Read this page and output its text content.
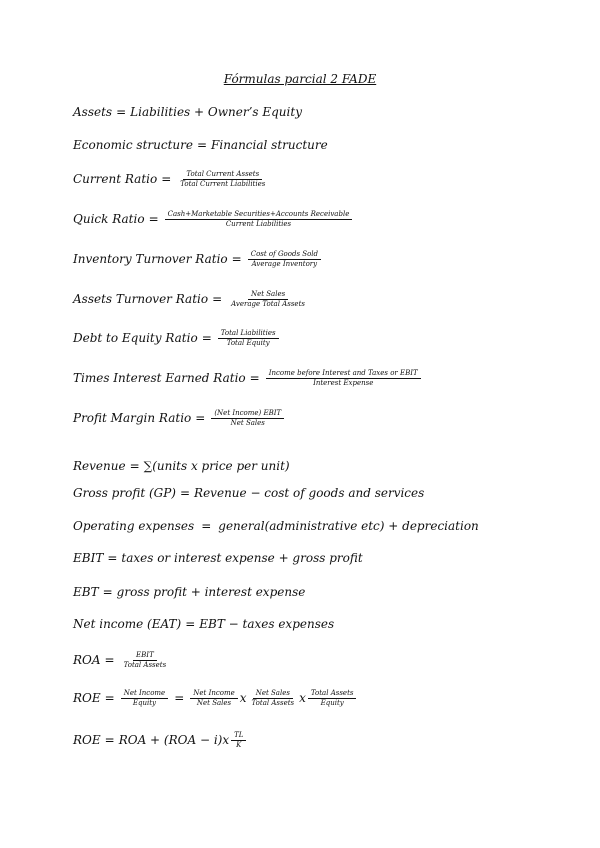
Fórmulas parcial 2 FADE
Assets = Liabilities + Owner’s Equity
Economic structure = Financial structure
Current Ratio = $\frac{\text{Total Current Assets}}{\text{Total Current Liabilities}}$
Quick Ratio = $\frac{\text{Cash+Marketable Securities+Accounts Receivable}}{\text{Current Liabilities}}$
Inventory Turnover Ratio = $\frac{\text{Cost of Goods Sold}}{\text{Average Inventory}}$
Assets Turnover Ratio = $\frac{\text{Net Sales}}{\text{Average Total Assets}}$
Debt to Equity Ratio = $\frac{\text{Total Liabilities}}{\text{Total Equity}}$
Times Interest Earned Ratio = $\frac{\text{Income before Interest and Taxes or EBIT}}{\text{Interest Expense}}$
Profit Margin Ratio = $\frac{\text{(Net Income) EBIT}}{\text{Net Sales}}$
Revenue = ∑(units x price per unit)
Gross profit (GP) = Revenue − cost of goods and services
Operating expenses = general(administrative etc) + depreciation
EBIT = taxes or interest expense + gross profit
EBT = gross profit + interest expense
Net income (EAT) = EBT − taxes expenses
ROA = $\frac{\text{EBIT}}{\text{Total Assets}}$
ROE = $\frac{\text{Net Income}}{\text{Equity}} = \frac{\text{Net Income}}{\text{Net Sales}}$ x $\frac{\text{Net Sales}}{\text{Total Assets}}$ x $\frac{\text{Total Assets}}{\text{Equity}}$
ROE = ROA + $(ROA - i)x \frac{TL}{K}$
